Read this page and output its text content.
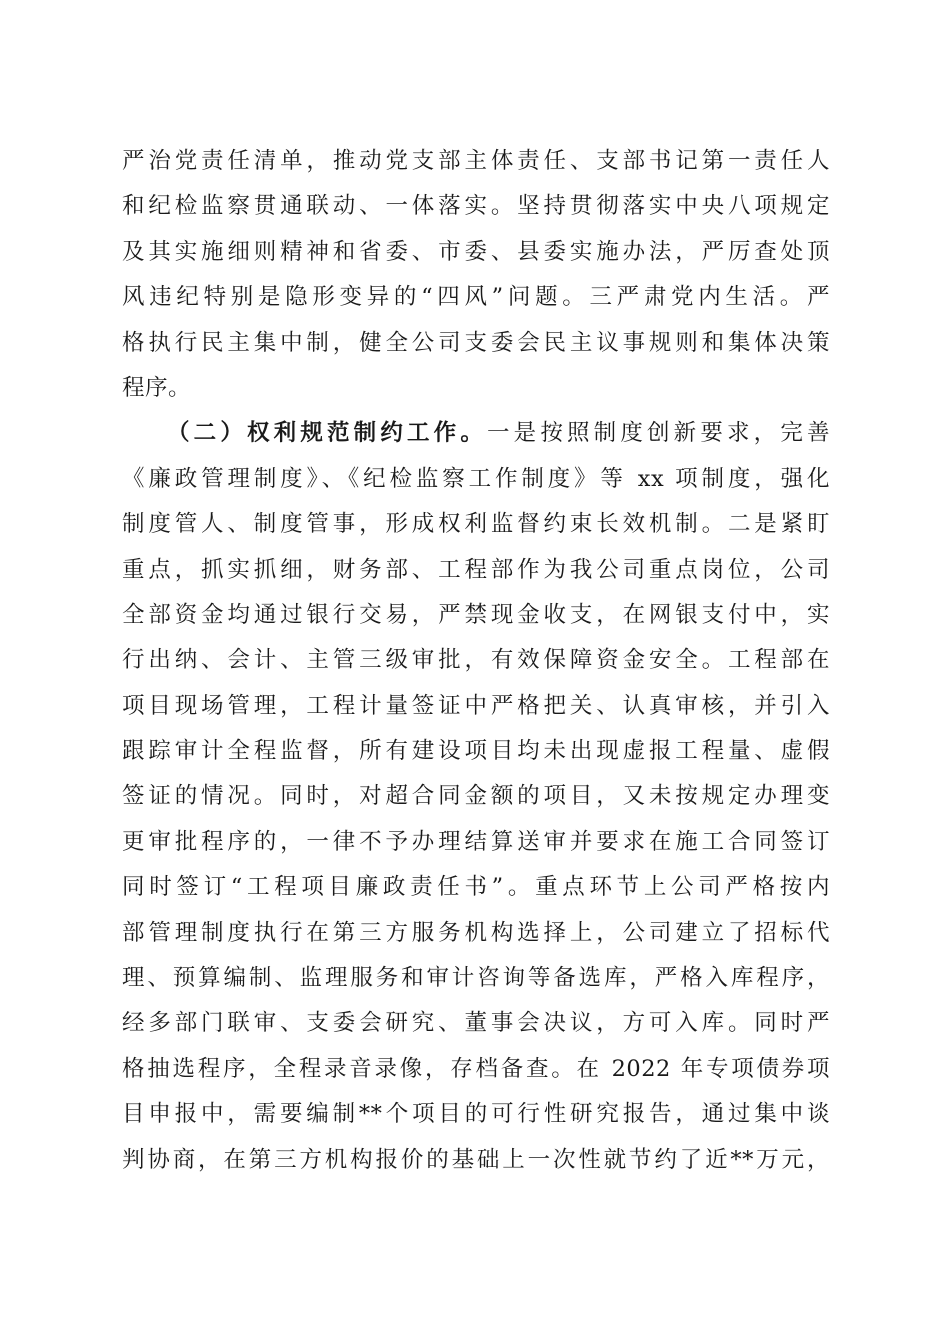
严治党责任清单，推动党支部主体责任、支部书记第一责任人
和纪检监察贯通联动、一体落实。坚持贯彻落实中央八项规定
及其实施细则精神和省委、市委、县委实施办法，严厉查处顶
风违纪特别是隐形变异的“四风”问题。三严肃党内生活。严
格执行民主集中制，健全公司支委会民主议事规则和集体决策
程序。
（二）权利规范制约工作。一是按照制度创新要求，完善
《廉政管理制度》、《纪检监察工作制度》等 xx 项制度，强化
制度管人、制度管事，形成权利监督约束长效机制。二是紧盯
重点，抓实抓细，财务部、工程部作为我公司重点岗位，公司
全部资金均通过银行交易，严禁现金收支，在网银支付中，实
行出纳、会计、主管三级审批，有效保障资金安全。工程部在
项目现场管理，工程计量签证中严格把关、认真审核，并引入
跟踪审计全程监督，所有建设项目均未出现虚报工程量、虚假
签证的情况。同时，对超合同金额的项目，又未按规定办理变
更审批程序的，一律不予办理结算送审并要求在施工合同签订
同时签订“工程项目廉政责任书”。重点环节上公司严格按内
部管理制度执行在第三方服务机构选择上，公司建立了招标代
理、预算编制、监理服务和审计咨询等备选库，严格入库程序，
经多部门联审、支委会研究、董事会决议，方可入库。同时严
格抽选程序，全程录音录像，存档备查。在 2022 年专项债券项
目申报中，需要编制**个项目的可行性研究报告，通过集中谈
判协商，在第三方机构报价的基础上一次性就节约了近**万元，
